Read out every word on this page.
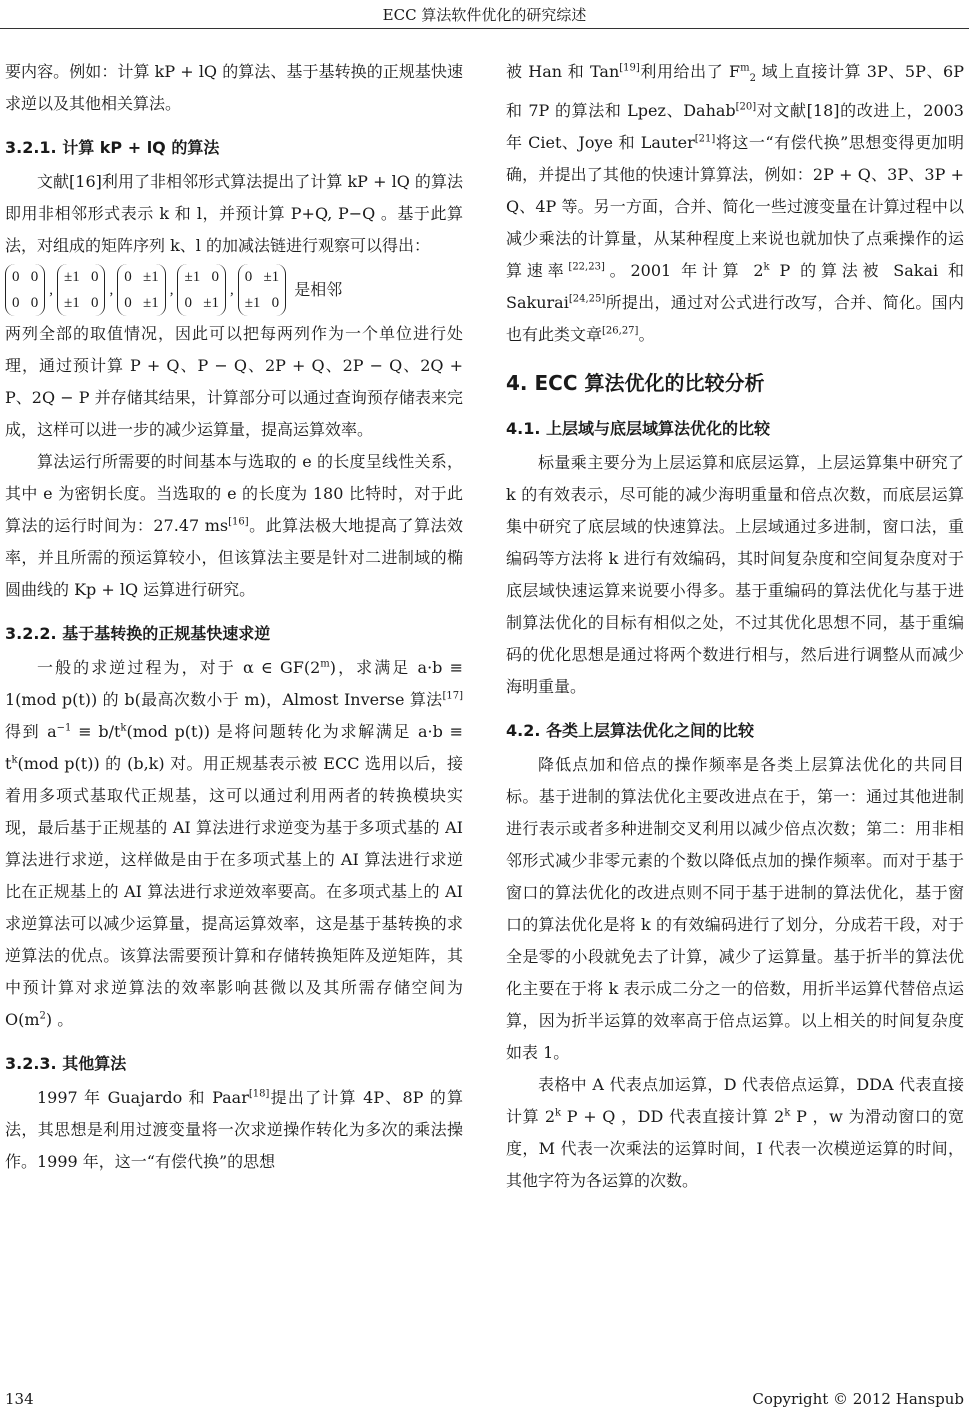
ECC 算法软件优化的研究综述

要内容。例如：计算 kP + lQ 的算法、基于基转换的正规基快速求逆以及其他相关算法。

3.2.1. 计算 kP + lQ 的算法

文献[16]利用了非相邻形式算法提出了计算 kP + lQ 的算法即用非相邻形式表示 k 和 l，并预计算 P+Q, P−Q 。基于此算法，对组成的矩阵序列 k、l 的加减法链进行观察可以得出：

0   0
0   0
,
±1   0
±1   0
,
0   ±1
0   ±1
,
±1   0
0   ±1
,
0   ±1
±1   0
是相邻

两列全部的取值情况，因此可以把每两列作为一个单位进行处理，通过预计算 P + Q、P − Q、2P + Q、2P − Q、2Q + P、2Q − P 并存储其结果，计算部分可以通过查询预存储表来完成，这样可以进一步的减少运算量，提高运算效率。

算法运行所需要的时间基本与选取的 e 的长度呈线性关系，其中 e 为密钥长度。当选取的 e 的长度为 180 比特时，对于此算法的运行时间为：27.47 ms[16]。此算法极大地提高了算法效率，并且所需的预运算较小，但该算法主要是针对二进制域的椭圆曲线的 Kp + lQ 运算进行研究。

3.2.2. 基于基转换的正规基快速求逆

一般的求逆过程为，对于 α ∈ GF(2$^m$)，求满足 a·b ≡ 1(mod p(t)) 的 b(最高次数小于 m)，Almost Inverse 算法[17]得到 $a^{-1} \equiv b/t^k(mod$ p(t)) 是将问题转化为求解满足 $a\cdot b \equiv t^k(mod$ p(t)) 的 (b,k) 对。用正规基表示被 ECC 选用以后，接着用多项式基取代正规基，这可以通过利用两者的转换模块实现，最后基于正规基的 AI 算法进行求逆变为基于多项式基的 AI 算法进行求逆，这样做是由于在多项式基上的 AI 算法进行求逆比在正规基上的 AI 算法进行求逆效率要高。在多项式基上的 AI 求逆算法可以减少运算量，提高运算效率，这是基于基转换的求逆算法的优点。该算法需要预计算和存储转换矩阵及逆矩阵，其中预计算对求逆算法的效率影响甚微以及其所需存储空间为 $O(m^2)$ 。

3.2.3. 其他算法

1997 年 Guajardo 和 Paar[18]提出了计算 4P、8P 的算法，其思想是利用过渡变量将一次求逆操作转化为多次的乘法操作。1999 年，这一“有偿代换”的思想

被 Han 和 Tan[19]利用给出了 $F^m_2$ 域上直接计算 3P、5P、6P 和 7P 的算法和 Lpez、Dahab[20]对文献[18]的改进上，2003 年 Ciet、Joye 和 Lauter[21]将这一“有偿代换”思想变得更加明确，并提出了其他的快速计算算法，例如：2P + Q、3P、3P + Q、4P 等。另一方面，合并、简化一些过渡变量在计算过程中以减少乘法的计算量，从某种程度上来说也就加快了点乘操作的运算速率[22,23]。2001 年计算 2$^k$ P 的算法被 Sakai 和 Sakurai[24,25]所提出，通过对公式进行改写，合并、简化。国内也有此类文章[26,27]。

4. ECC 算法优化的比较分析
4.1. 上层域与底层域算法优化的比较

标量乘主要分为上层运算和底层运算，上层运算集中研究了 k 的有效表示，尽可能的减少海明重量和倍点次数，而底层运算集中研究了底层域的快速算法。上层域通过多进制，窗口法，重编码等方法将 k 进行有效编码，其时间复杂度和空间复杂度对于底层域快速运算来说要小得多。基于重编码的算法优化与基于进制算法优化的目标有相似之处，不过其优化思想不同，基于重编码的优化思想是通过将两个数进行相与，然后进行调整从而减少海明重量。

4.2. 各类上层算法优化之间的比较

降低点加和倍点的操作频率是各类上层算法优化的共同目标。基于进制的算法优化主要改进点在于，第一：通过其他进制进行表示或者多种进制交叉利用以减少倍点次数；第二：用非相邻形式减少非零元素的个数以降低点加的操作频率。而对于基于窗口的算法优化的改进点则不同于基于进制的算法优化，基于窗口的算法优化是将 k 的有效编码进行了划分，分成若干段，对于全是零的小段就免去了计算，减少了运算量。基于折半的算法优化主要在于将 k 表示成二分之一的倍数，用折半运算代替倍点运算，因为折半运算的效率高于倍点运算。以上相关的时间复杂度如表 1。

表格中 A 代表点加运算，D 代表倍点运算，DDA 代表直接计算 2$^k$ P + Q ，DD 代表直接计算 2$^k$ P ，w 为滑动窗口的宽度，M 代表一次乘法的运算时间，I 代表一次模逆运算的时间，其他字符为各运算的次数。

134	Copyright © 2012 Hanspub
